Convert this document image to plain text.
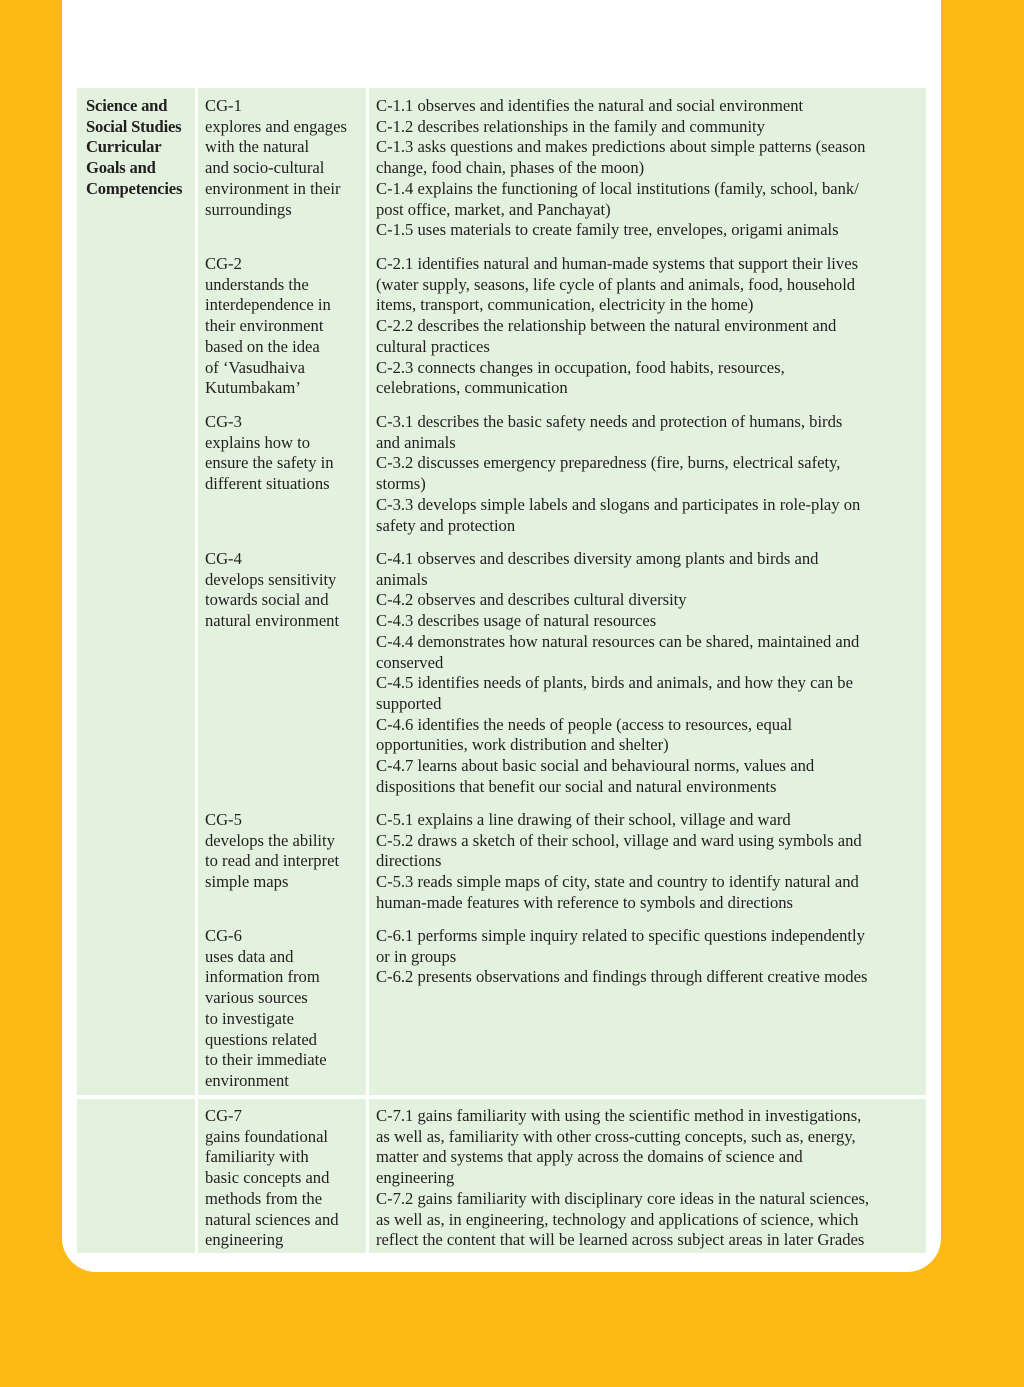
Science and
Social Studies
Curricular
Goals and
Competencies
CG-1
explores and engages
with the natural
and socio-cultural
environment in their
surroundings
C-1.1 observes and identifies the natural and social environment
C-1.2 describes relationships in the family and community
C-1.3 asks questions and makes predictions about simple patterns (season
change, food chain, phases of the moon)
C-1.4 explains the functioning of local institutions (family, school, bank/
post office, market, and Panchayat)
C-1.5 uses materials to create family tree, envelopes, origami animals
CG-2
understands the
interdependence in
their environment
based on the idea
of ‘Vasudhaiva
Kutumbakam’
C-2.1 identifies natural and human-made systems that support their lives
(water supply, seasons, life cycle of plants and animals, food, household
items, transport, communication, electricity in the home)
C-2.2 describes the relationship between the natural environment and
cultural practices
C-2.3 connects changes in occupation, food habits, resources,
celebrations, communication
CG-3
explains how to
ensure the safety in
different situations
C-3.1 describes the basic safety needs and protection of humans, birds
and animals
C-3.2 discusses emergency preparedness (fire, burns, electrical safety,
storms)
C-3.3 develops simple labels and slogans and participates in role-play on
safety and protection
CG-4
develops sensitivity
towards social and
natural environment
C-4.1 observes and describes diversity among plants and birds and
animals
C-4.2 observes and describes cultural diversity
C-4.3 describes usage of natural resources
C-4.4 demonstrates how natural resources can be shared, maintained and
conserved
C-4.5 identifies needs of plants, birds and animals, and how they can be
supported
C-4.6 identifies the needs of people (access to resources, equal
opportunities, work distribution and shelter)
C-4.7 learns about basic social and behavioural norms, values and
dispositions that benefit our social and natural environments
CG-5
develops the ability
to read and interpret
simple maps
C-5.1 explains a line drawing of their school, village and ward
C-5.2 draws a sketch of their school, village and ward using symbols and
directions
C-5.3 reads simple maps of city, state and country to identify natural and
human-made features with reference to symbols and directions
CG-6
uses data and
information from
various sources
to investigate
questions related
to their immediate
environment
C-6.1 performs simple inquiry related to specific questions independently
or in groups
C-6.2 presents observations and findings through different creative modes
CG-7
gains foundational
familiarity with
basic concepts and
methods from the
natural sciences and
engineering
C-7.1 gains familiarity with using the scientific method in investigations,
as well as, familiarity with other cross-cutting concepts, such as, energy,
matter and systems that apply across the domains of science and
engineering
C-7.2 gains familiarity with disciplinary core ideas in the natural sciences,
as well as, in engineering, technology and applications of science, which
reflect the content that will be learned across subject areas in later Grades
